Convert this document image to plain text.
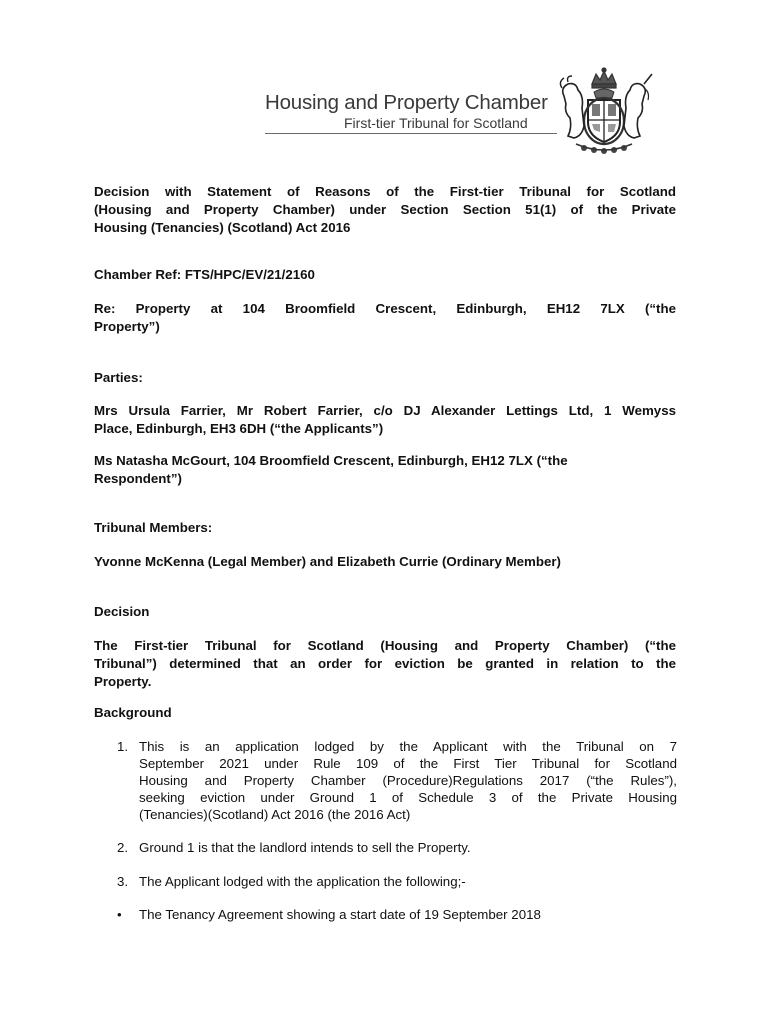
Housing and Property Chamber
First-tier Tribunal for Scotland
Decision with Statement of Reasons of the First-tier Tribunal for Scotland
(Housing and Property Chamber) under Section Section 51(1) of the Private
Housing (Tenancies) (Scotland) Act 2016
Chamber Ref: FTS/HPC/EV/21/2160
Re: Property at 104 Broomfield Crescent, Edinburgh, EH12 7LX (“the
Property”)
Parties:
Mrs Ursula Farrier, Mr Robert Farrier, c/o DJ Alexander Lettings Ltd, 1 Wemyss
Place, Edinburgh, EH3 6DH (“the Applicants”)
Ms Natasha McGourt, 104 Broomfield Crescent, Edinburgh, EH12 7LX (“the
Respondent”)
Tribunal Members:
Yvonne McKenna (Legal Member) and Elizabeth Currie (Ordinary Member)
Decision
The First-tier Tribunal for Scotland (Housing and Property Chamber) (“the
Tribunal”) determined that an order for eviction be granted in relation to the
Property.
Background
1. This is an application lodged by the Applicant with the Tribunal on 7
September 2021 under Rule 109 of the First Tier Tribunal for Scotland
Housing and Property Chamber (Procedure)Regulations 2017 (“the Rules”),
seeking eviction under Ground 1 of Schedule 3 of the Private Housing
(Tenancies)(Scotland) Act 2016 (the 2016 Act)
2. Ground 1 is that the landlord intends to sell the Property.
3. The Applicant lodged with the application the following;-
•	The Tenancy Agreement showing a start date of 19 September 2018
